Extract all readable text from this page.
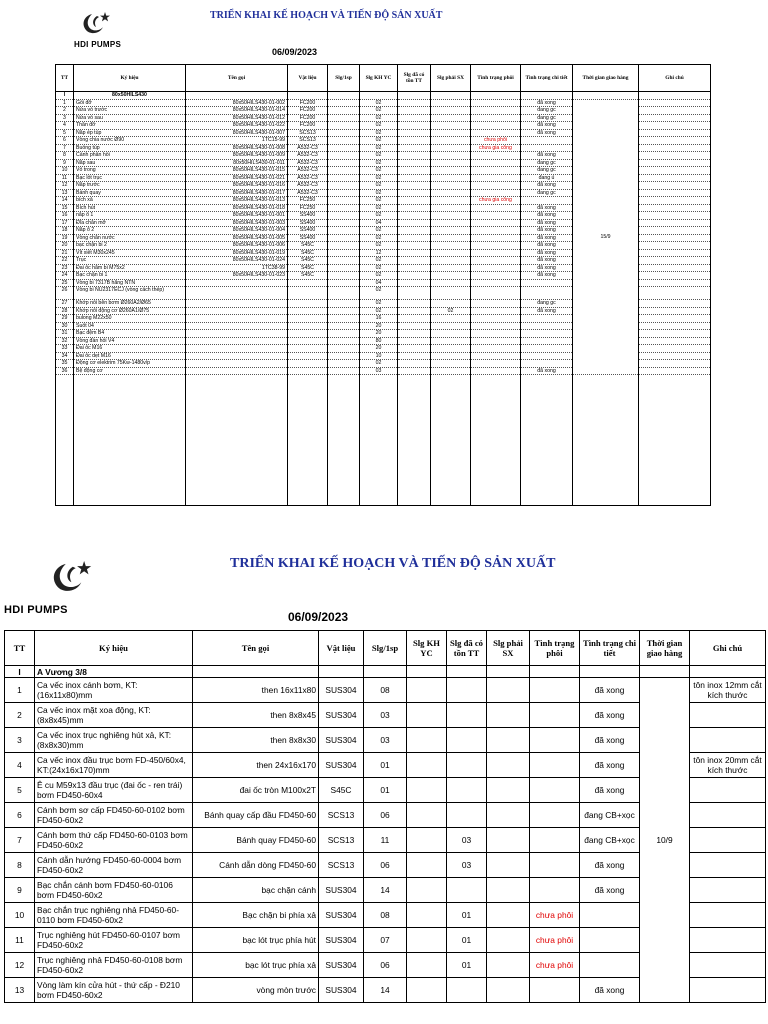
HDI PUMPS
TRIỂN KHAI KẾ HOẠCH VÀ TIẾN ĐỘ SẢN XUẤT
06/09/2023
TT	Ký hiệu	Tên gọi	Vật liệu	Slg/1sp	Slg KH YC	Slg đã có tồn TT	Slg phải SX	Tình trạng phôi	Tình trạng chi tiết	Thời gian giao hàng	Ghi chú
I	80x50HILS430										
1	Gối đỡ	80x50HILS430-01-002	FC200		02				đã xong	15/9	
2	Nửa vỏ trước	80x50HILS430-01-014	FC200		02				đang gc		
3	Nửa vỏ sau	80x50HILS430-01-012	FC200		02				đang gc		
4	Thân đỡ	80x50HILS430-01-022	FC200		02				đã xong		
5	Nắp ép túp	80x50HILS430-01-007	SCS13		02				đã xong		
6	Vòng chia nước Ø90	1TC15-99	SCS13		02			chưa phôi			
7	Buồng túp	80x50HILS430-01-008	A532-C3		02			chưa gia công			
8	Cánh phản hồi	80x50HILS430-01-009	A532-C3		02				đã xong		
9	Nắp sau	80x50HILS430-01-011	A532-C3		02				đang gc		
10	Vỏ trong	80x50HILS430-01-015	A532-C3		02				đang gc		
11	Bạc lót trục	80x50HILS430-01-021	A532-C3		02				đang ủ		
12	Nắp trước	80x50HILS430-01-016	A532-C3		02				đã xong		
13	Bánh quay	80x50HILS430-01-017	A532-C3		02				đang gc		
14	bích xả	80x50HILS430-01-013	FC250		02			chưa gia công			
15	Bích hút	80x50HILS430-01-018	FC250		02				đã xong		
16	nắp ổ 1	80x50HILS430-01-001	SS400		02				đã xong		
17	Đĩa chắn mỡ	80x50HILS430-01-003	SS400		04				đã xong		
18	Nắp ổ 2	80x50HILS430-01-004	SS400		02				đã xong		
19	Vòng chắn nước	80x50HILS430-01-005	SS400		02				đã xong		
20	bạc chặn bi 2	80x50HILS430-01-006	S45C		02				đã xong		
21	Vít xiết M30x245	80x50HILS430-01-019	S45C		12				đã xong		
22	Trục	80x50HILS430-01-024	S45C		02				đã xong		
23	Đai ốc hãm bi M75x2	1TC38-99	S45C		02				đã xong		
24	Bạc chặn bi 1	80x50HILS430-01-023	S45C		02				đã xong		
25	Vòng bi 7317B hãng NTN				04						
26	Vòng bi NU2317ECJ (vòng cách thép)				02						
27	Khớp nối bên bơm Ø260A2/Ø65				02				đang gc		
28	Khớp nối động cơ Ø260A1/Ø75				02		02		đã xong		
29	bulong M22x50				16						
30	Suốt 04				20						
31	Bạc đệm B4				20						
32	Vòng đàn hồi V4				80						
33	Đai ốc M16				20						
34	Đai ốc dẹt M16				10						
35	Động cơ elektrim 75Kw-1480v/p				02						
36	Bệ động cơ				03				đã xong		

HDI PUMPS
TRIỂN KHAI KẾ HOẠCH VÀ TIẾN ĐỘ SẢN XUẤT
06/09/2023
TT	Ký hiệu	Tên gọi	Vật liệu	Slg/1sp	Slg KH YC	Slg đã có tồn TT	Slg phải SX	Tình trạng phôi	Tình trạng chi tiết	Thời gian giao hàng	Ghi chú
I	A Vương 3/8										
1	Ca vếc inox cánh bơm, KT: (16x11x80)mm	then 16x11x80	SUS304	08					đã xong	10/9	tôn inox 12mm cắt kích thước
2	Ca vếc inox mặt xoa động, KT: (8x8x45)mm	then 8x8x45	SUS304	03					đã xong		
3	Ca vếc inox trục nghiêng hút xả, KT: (8x8x30)mm	then 8x8x30	SUS304	03					đã xong		
4	Ca vếc inox đầu trục bơm FD-450/60x4, KT:(24x16x170)mm	then 24x16x170	SUS304	01					đã xong		tôn inox 20mm cắt kích thước
5	Ê cu M59x13 đầu trục (đai ốc - ren trái) bơm FD450-60x4	đai ốc tròn M100x2T	S45C	01					đã xong		
6	Cánh bơm sơ cấp FD450-60-0102 bơm FD450-60x2	Bánh quay cấp đầu FD450-60	SCS13	06					đang CB+xọc		
7	Cánh bơm thứ cấp FD450-60-0103 bơm FD450-60x2	Bánh quay FD450-60	SCS13	11		03			đang CB+xọc		
8	Cánh dẫn hướng FD450-60-0004 bơm FD450-60x2	Cánh dẫn dòng FD450-60	SCS13	06		03			đã xong		
9	Bạc chắn cánh bơm FD450-60-0106 bơm FD450-60x2	bạc chặn cánh	SUS304	14					đã xong		
10	Bạc chắn trục nghiêng nhả FD450-60-0110 bơm FD450-60x2	Bạc chặn bi phía xả	SUS304	08		01		chưa phôi			
11	Trục nghiêng hút FD450-60-0107 bơm FD450-60x2	bạc lót trục phía hút	SUS304	07		01		chưa phôi			
12	Trục nghiêng nhả FD450-60-0108 bơm FD450-60x2	bạc lót trục phía xả	SUS304	06		01		chưa phôi			
13	Vòng làm kín cửa hút - thứ cấp - Ð210 bơm FD450-60x2	vòng mòn trước	SUS304	14					đã xong		
